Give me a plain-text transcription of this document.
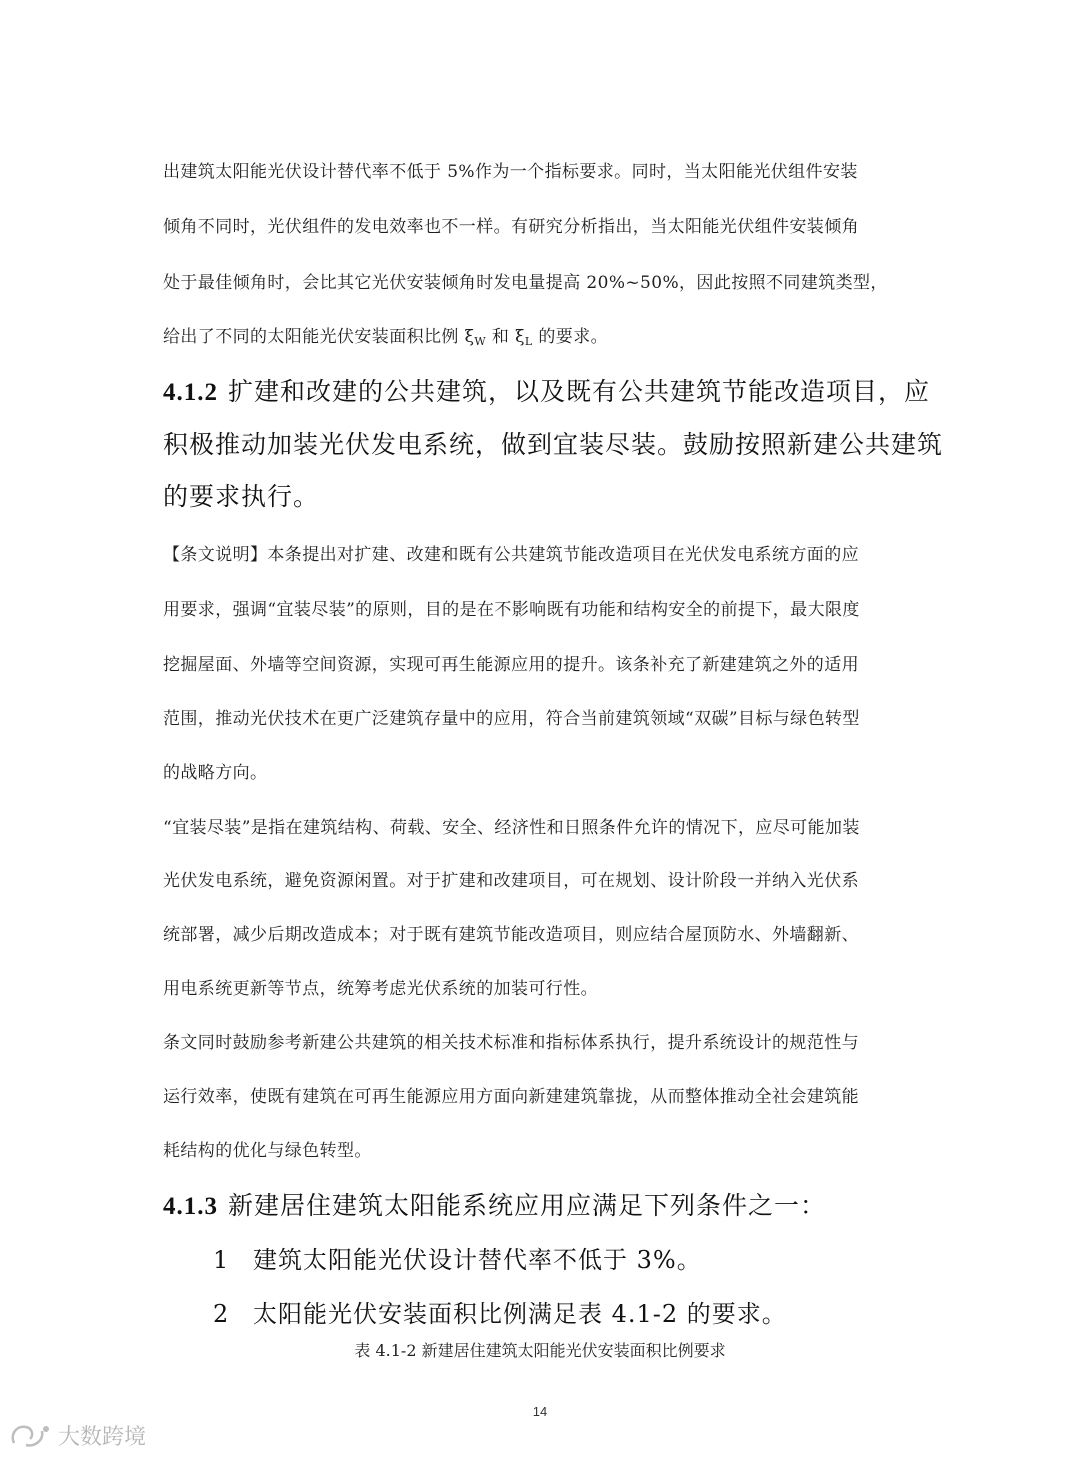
出建筑太阳能光伏设计替代率不低于 5%作为一个指标要求。同时，当太阳能光伏组件安装
倾角不同时，光伏组件的发电效率也不一样。有研究分析指出，当太阳能光伏组件安装倾角
处于最佳倾角时，会比其它光伏安装倾角时发电量提高 20%~50%，因此按照不同建筑类型，
给出了不同的太阳能光伏安装面积比例 $\xi_W$ 和 $\xi_L$ 的要求。
4.1.2 扩建和改建的公共建筑，以及既有公共建筑节能改造项目，应
积极推动加装光伏发电系统，做到宜装尽装。鼓励按照新建公共建筑
的要求执行。
【条文说明】本条提出对扩建、改建和既有公共建筑节能改造项目在光伏发电系统方面的应
用要求，强调“宜装尽装”的原则，目的是在不影响既有功能和结构安全的前提下，最大限度
挖掘屋面、外墙等空间资源，实现可再生能源应用的提升。该条补充了新建建筑之外的适用
范围，推动光伏技术在更广泛建筑存量中的应用，符合当前建筑领域“双碳”目标与绿色转型
的战略方向。
“宜装尽装”是指在建筑结构、荷载、安全、经济性和日照条件允许的情况下，应尽可能加装
光伏发电系统，避免资源闲置。对于扩建和改建项目，可在规划、设计阶段一并纳入光伏系
统部署，减少后期改造成本；对于既有建筑节能改造项目，则应结合屋顶防水、外墙翻新、
用电系统更新等节点，统筹考虑光伏系统的加装可行性。
条文同时鼓励参考新建公共建筑的相关技术标准和指标体系执行，提升系统设计的规范性与
运行效率，使既有建筑在可再生能源应用方面向新建建筑靠拢，从而整体推动全社会建筑能
耗结构的优化与绿色转型。
4.1.3 新建居住建筑太阳能系统应用应满足下列条件之一：
1 建筑太阳能光伏设计替代率不低于 3%。
2 太阳能光伏安装面积比例满足表 4.1-2 的要求。
表 4.1-2 新建居住建筑太阳能光伏安装面积比例要求
14
大数跨境
